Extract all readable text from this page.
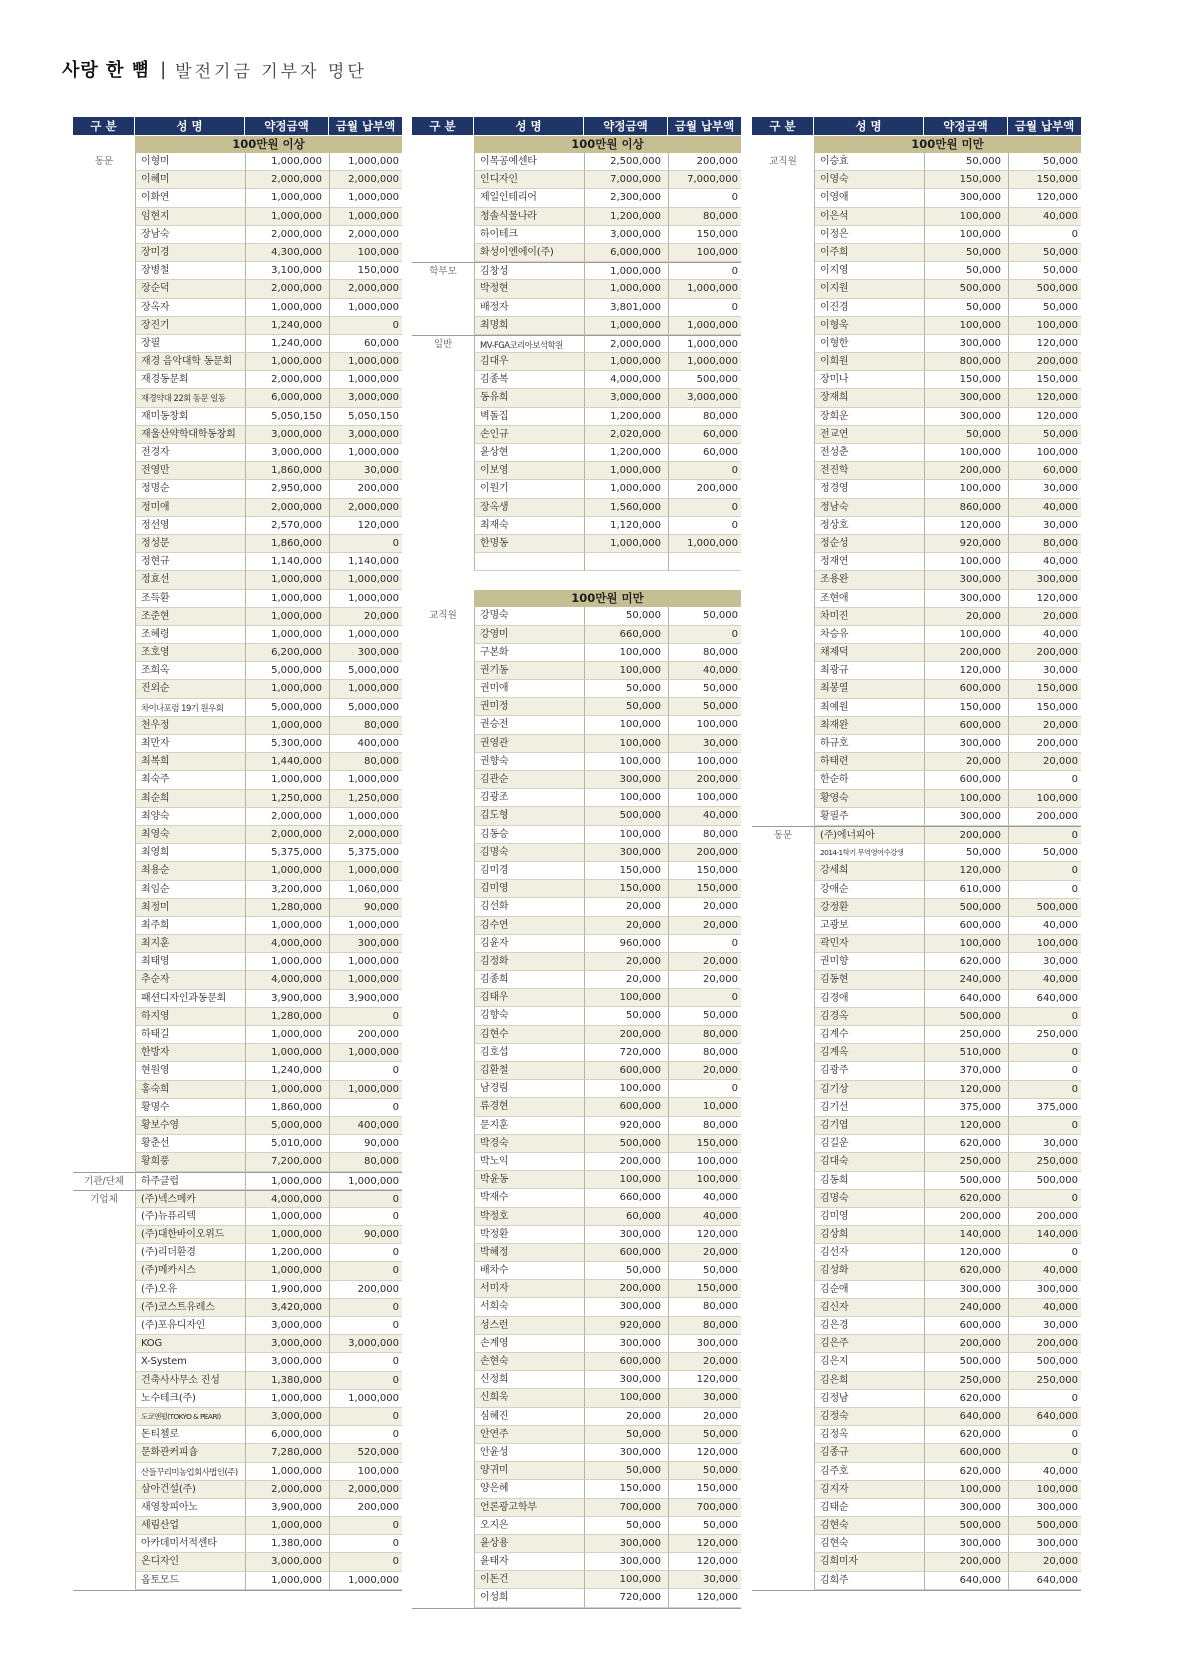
사랑 한 뼘 | 발전기금 기부자 명단
구 분	성 명	약정금액	금월 납부액
100만원 이상
동문	이형미	1,000,000	1,000,000
이혜미	2,000,000	2,000,000
이화연	1,000,000	1,000,000
임현지	1,000,000	1,000,000
장남숙	2,000,000	2,000,000
장미경	4,300,000	100,000
장병철	3,100,000	150,000
장순덕	2,000,000	2,000,000
장옥자	1,000,000	1,000,000
장진기	1,240,000	0
장필	1,240,000	60,000
재경 음악대학 동문회	1,000,000	1,000,000
재경동문회	2,000,000	1,000,000
재경약대 22회 동문 일동	6,000,000	3,000,000
재미동창회	5,050,150	5,050,150
재울산약학대학동창회	3,000,000	3,000,000
전경자	3,000,000	1,000,000
전영만	1,860,000	30,000
정명순	2,950,000	200,000
정미애	2,000,000	2,000,000
정선영	2,570,000	120,000
정성문	1,860,000	0
정현규	1,140,000	1,140,000
정효선	1,000,000	1,000,000
조득환	1,000,000	1,000,000
조준현	1,000,000	20,000
조혜령	1,000,000	1,000,000
조호영	6,200,000	300,000
조희옥	5,000,000	5,000,000
진외순	1,000,000	1,000,000
차이나포럼 19기 원우회	5,000,000	5,000,000
천우정	1,000,000	80,000
최만자	5,300,000	400,000
최복희	1,440,000	80,000
최숙주	1,000,000	1,000,000
최순희	1,250,000	1,250,000
최양숙	2,000,000	1,000,000
최영숙	2,000,000	2,000,000
최영희	5,375,000	5,375,000
최용순	1,000,000	1,000,000
최임순	3,200,000	1,060,000
최정미	1,280,000	90,000
최주희	1,000,000	1,000,000
최지훈	4,000,000	300,000
최태영	1,000,000	1,000,000
추순자	4,000,000	1,000,000
패션디자인과동문회	3,900,000	3,900,000
하지영	1,280,000	0
하태길	1,000,000	200,000
한방자	1,000,000	1,000,000
현원영	1,240,000	0
홍숙희	1,000,000	1,000,000
황명수	1,860,000	0
황보수영	5,000,000	400,000
황춘선	5,010,000	90,000
황희풍	7,200,000	80,000
기관/단체	하주클럽	1,000,000	1,000,000
기업체	(주)넥스메카	4,000,000	0
(주)뉴퓨리텍	1,000,000	0
(주)대한바이오위드	1,000,000	90,000
(주)리더환경	1,200,000	0
(주)메카시스	1,000,000	0
(주)오유	1,900,000	200,000
(주)코스트유레스	3,420,000	0
(주)포유디자인	3,000,000	0
KOG	3,000,000	3,000,000
X-System	3,000,000	0
건축사사무소 진성	1,380,000	0
노수테크(주)	1,000,000	1,000,000
도쿄앤펄(TOKYO & PEARl)	3,000,000	0
돈티첼로	6,000,000	0
문화관커피숍	7,280,000	520,000
산들꾸리미농업회사법인(주)	1,000,000	100,000
삼아건설(주)	2,000,000	2,000,000
새영창피아노	3,900,000	200,000
세림산업	1,000,000	0
아카데미서적센타	1,380,000	0
온디자인	3,000,000	0
옵토모드	1,000,000	1,000,000
구 분	성 명	약정금액	금월 납부액
100만원 이상
이목공예센타	2,500,000	200,000
인디자인	7,000,000	7,000,000
제일인테리어	2,300,000	0
청솔식물나라	1,200,000	80,000
하이테크	3,000,000	150,000
화성이엔에이(주)	6,000,000	100,000
학부모	김창성	1,000,000	0
박정현	1,000,000	1,000,000
배정자	3,801,000	0
최명희	1,000,000	1,000,000
일반	MV-FGA코리아보석학원	2,000,000	1,000,000
김대우	1,000,000	1,000,000
김종복	4,000,000	500,000
동유희	3,000,000	3,000,000
벽돌집	1,200,000	80,000
손인규	2,020,000	60,000
윤상현	1,200,000	60,000
이보영	1,000,000	0
이원기	1,000,000	200,000
장옥생	1,560,000	0
최재숙	1,120,000	0
한명동	1,000,000	1,000,000
100만원 미만
교직원	강명숙	50,000	50,000
강영미	660,000	0
구본화	100,000	80,000
권기동	100,000	40,000
권미애	50,000	50,000
권미정	50,000	50,000
권승전	100,000	100,000
권영관	100,000	30,000
권향숙	100,000	100,000
김관순	300,000	200,000
김광조	100,000	100,000
김도형	500,000	40,000
김동승	100,000	80,000
김명숙	300,000	200,000
김미경	150,000	150,000
김미영	150,000	150,000
김선화	20,000	20,000
김수연	20,000	20,000
김윤자	960,000	0
김정화	20,000	20,000
김종희	20,000	20,000
김태우	100,000	0
김향숙	50,000	50,000
김현수	200,000	80,000
김호섭	720,000	80,000
김환철	600,000	20,000
남경림	100,000	0
류경현	600,000	10,000
문지훈	920,000	80,000
박경숙	500,000	150,000
박노익	200,000	100,000
박윤동	100,000	100,000
박재수	660,000	40,000
박정호	60,000	40,000
박정환	300,000	120,000
박혜정	600,000	20,000
배차수	50,000	50,000
서미자	200,000	150,000
서희숙	300,000	80,000
성스런	920,000	80,000
손계영	300,000	300,000
손현숙	600,000	20,000
신정희	300,000	120,000
신희욱	100,000	30,000
심혜진	20,000	20,000
안연주	50,000	50,000
안윤성	300,000	120,000
양귀미	50,000	50,000
양은혜	150,000	150,000
언론광고학부	700,000	700,000
오지은	50,000	50,000
윤상용	300,000	120,000
윤태자	300,000	120,000
이돈건	100,000	30,000
이성희	720,000	120,000
구 분	성 명	약정금액	금월 납부액
100만원 미만
교직원	이승효	50,000	50,000
이영숙	150,000	150,000
이영애	300,000	120,000
이은석	100,000	40,000
이정은	100,000	0
이주희	50,000	50,000
이지영	50,000	50,000
이지원	500,000	500,000
이진경	50,000	50,000
이형욱	100,000	100,000
이형한	300,000	120,000
이희원	800,000	200,000
장미나	150,000	150,000
장재희	300,000	120,000
장희운	300,000	120,000
전교연	50,000	50,000
전성춘	100,000	100,000
전진학	200,000	60,000
정경영	100,000	30,000
정남숙	860,000	40,000
정상호	120,000	30,000
정순성	920,000	80,000
정재연	100,000	40,000
조용완	300,000	300,000
조현애	300,000	120,000
차미진	20,000	20,000
차승유	100,000	40,000
채제덕	200,000	200,000
최광규	120,000	30,000
최봉열	600,000	150,000
최예원	150,000	150,000
최재완	600,000	20,000
하규호	300,000	200,000
하태련	20,000	20,000
한순하	600,000	0
황영숙	100,000	100,000
황필주	300,000	200,000
동문	(주)에너피아	200,000	0
2014-1학기 무역영어수강생	50,000	50,000
강세희	120,000	0
강애순	610,000	0
강정환	500,000	500,000
고광보	600,000	40,000
곽민자	100,000	100,000
권미향	620,000	30,000
김동현	240,000	40,000
김경애	640,000	640,000
김경옥	500,000	0
김계수	250,000	250,000
김계옥	510,000	0
김광주	370,000	0
김기상	120,000	0
김기선	375,000	375,000
김기엽	120,000	0
김길운	620,000	30,000
김대숙	250,000	250,000
김동희	500,000	500,000
김명숙	620,000	0
김미영	200,000	200,000
김상희	140,000	140,000
김선자	120,000	0
김성화	620,000	40,000
김순애	300,000	300,000
김신자	240,000	40,000
김은경	600,000	30,000
김은주	200,000	200,000
김은지	500,000	500,000
김은희	250,000	250,000
김정남	620,000	0
김정숙	640,000	640,000
김정옥	620,000	0
김종규	600,000	0
김주호	620,000	40,000
김지자	100,000	100,000
김태순	300,000	300,000
김현숙	500,000	500,000
김현숙	300,000	300,000
김희미자	200,000	20,000
김희주	640,000	640,000
